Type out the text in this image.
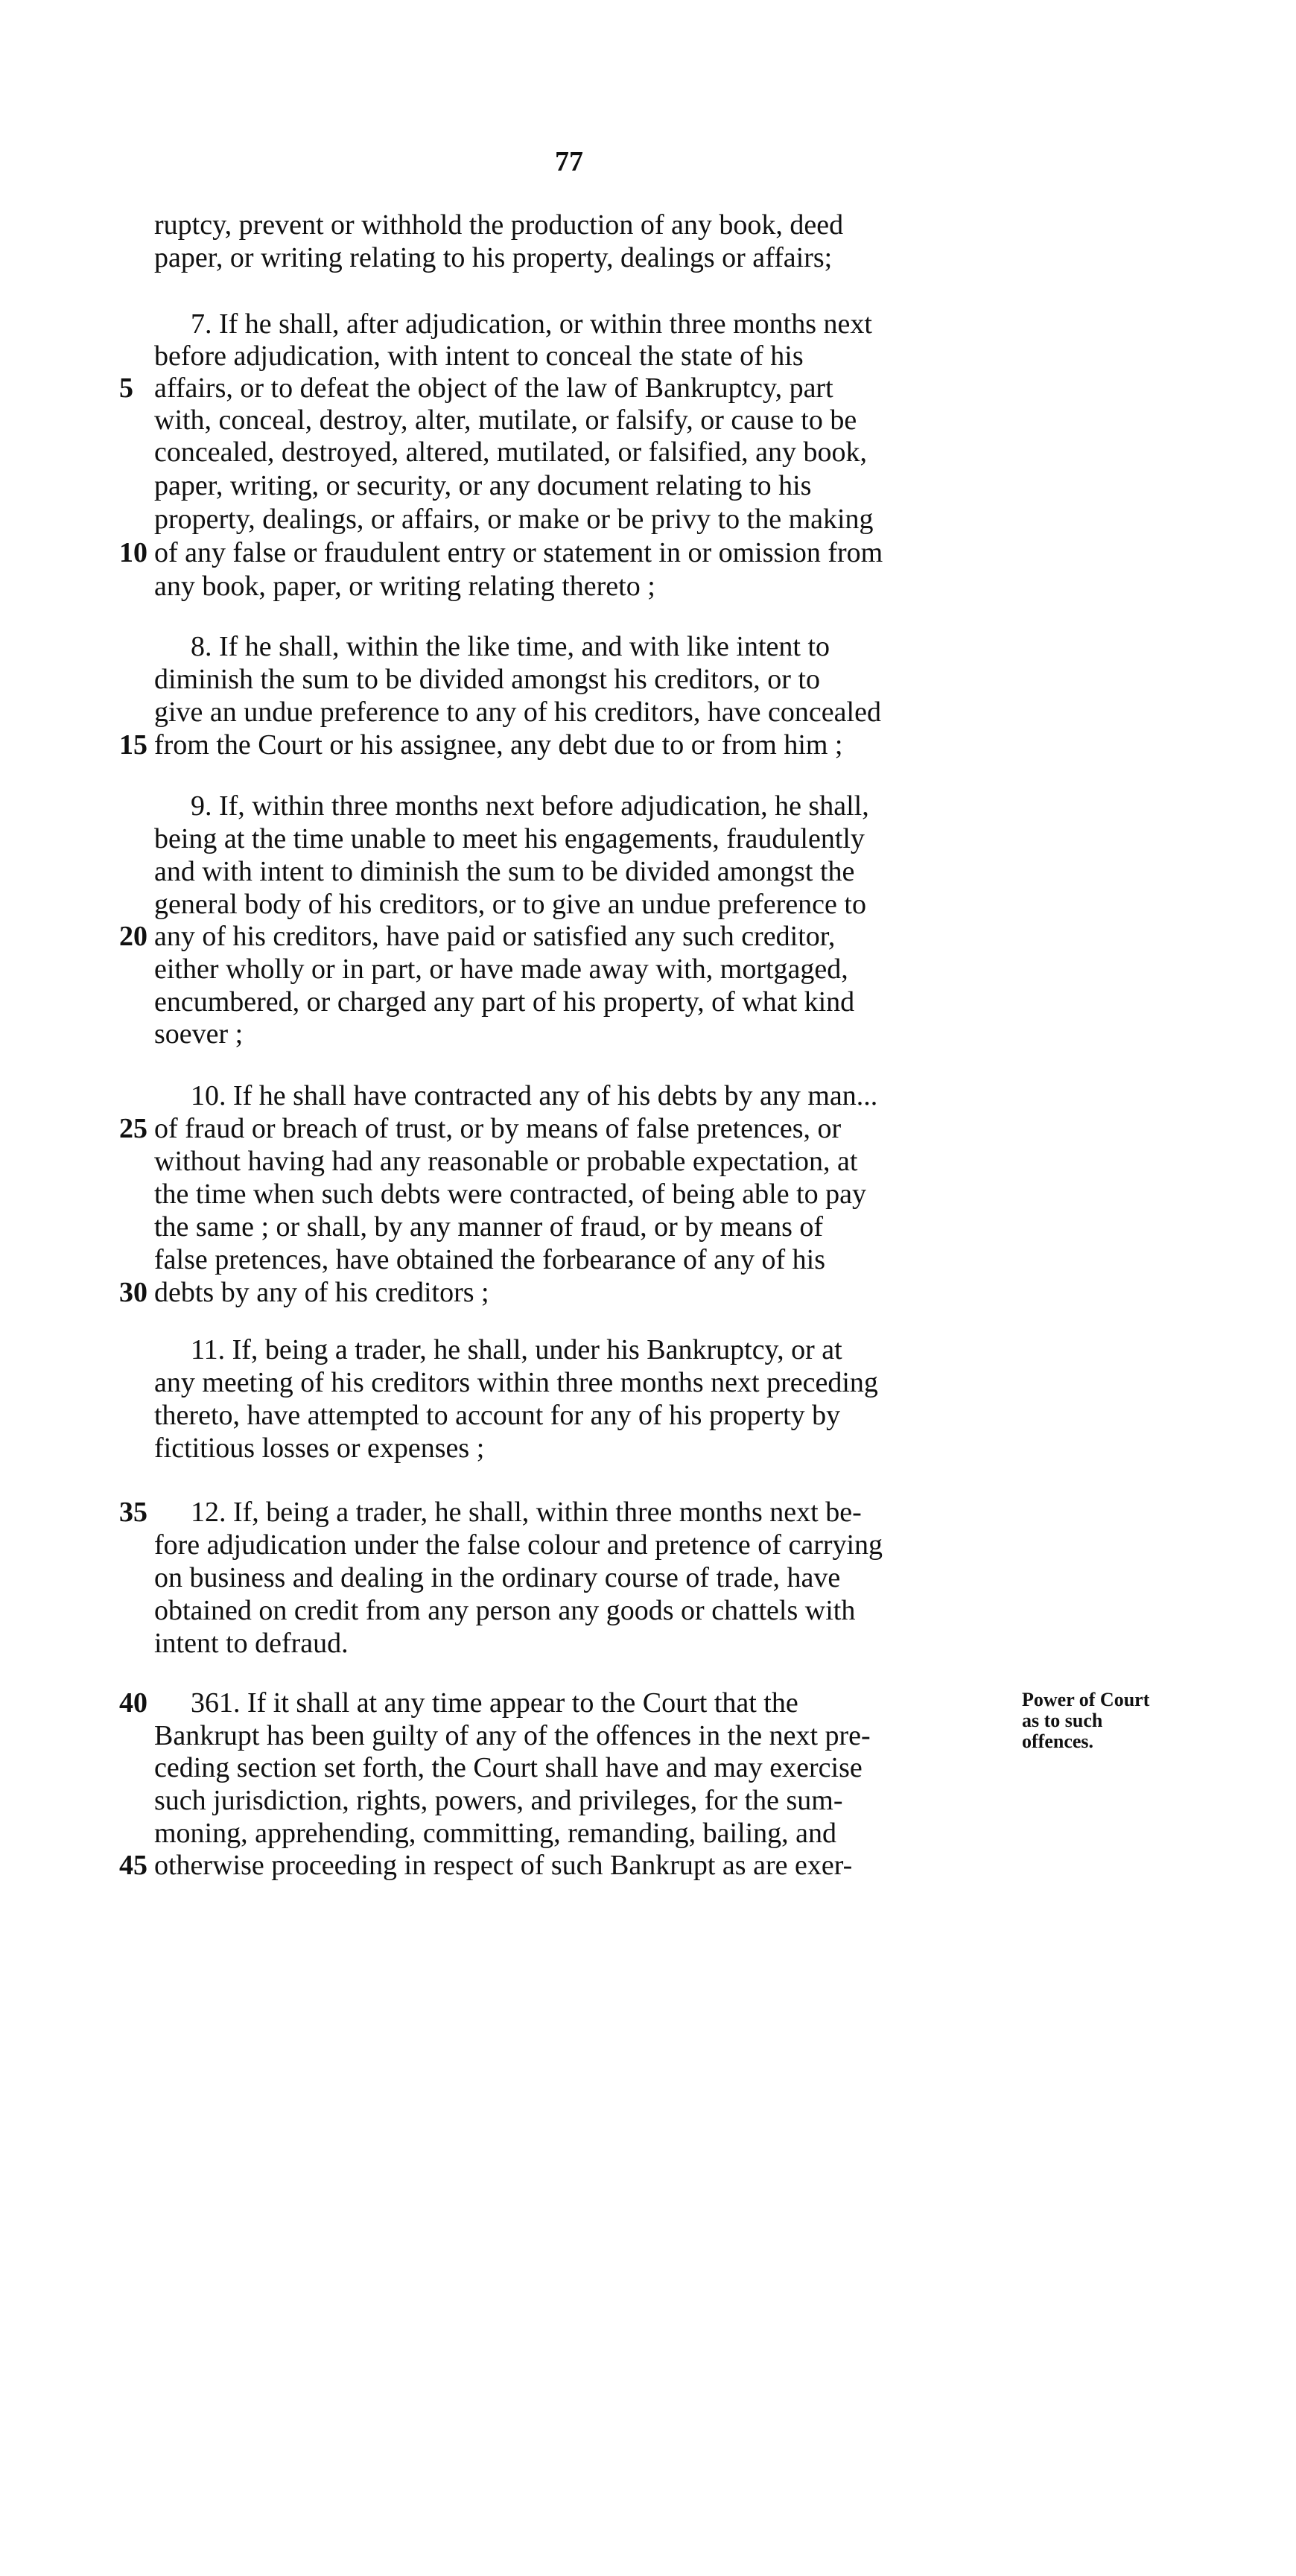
77
5
10
15
20
25
30
35
40
45
Power of Court
as to such
offences.
ruptcy, prevent or withhold the production of any book, deed
paper, or writing relating to his property, dealings or affairs;
7. If he shall, after adjudication, or within three months next
before adjudication, with intent to conceal the state of his
affairs, or to defeat the object of the law of Bankruptcy, part
with, conceal, destroy, alter, mutilate, or falsify, or cause to be
concealed, destroyed, altered, mutilated, or falsified, any book,
paper, writing, or security, or any document relating to his
property, dealings, or affairs, or make or be privy to the making
of any false or fraudulent entry or statement in or omission from
any book, paper, or writing relating thereto ;
8. If he shall, within the like time, and with like intent to
diminish the sum to be divided amongst his creditors, or to
give an undue preference to any of his creditors, have concealed
from the Court or his assignee, any debt due to or from him ;
9. If, within three months next before adjudication, he shall,
being at the time unable to meet his engagements, fraudulently
and with intent to diminish the sum to be divided amongst the
general body of his creditors, or to give an undue preference to
any of his creditors, have paid or satisfied any such creditor,
either wholly or in part, or have made away with, mortgaged,
encumbered, or charged any part of his property, of what kind
soever ;
10. If he shall have contracted any of his debts by any man...
of fraud or breach of trust, or by means of false pretences, or
without having had any reasonable or probable expectation, at
the time when such debts were contracted, of being able to pay
the same ; or shall, by any manner of fraud, or by means of
false pretences, have obtained the forbearance of any of his
debts by any of his creditors ;
11. If, being a trader, he shall, under his Bankruptcy, or at
any meeting of his creditors within three months next preceding
thereto, have attempted to account for any of his property by
fictitious losses or expenses ;
12. If, being a trader, he shall, within three months next be-
fore adjudication under the false colour and pretence of carrying
on business and dealing in the ordinary course of trade, have
obtained on credit from any person any goods or chattels with
intent to defraud.
361. If it shall at any time appear to the Court that the
Bankrupt has been guilty of any of the offences in the next pre-
ceding section set forth, the Court shall have and may exercise
such jurisdiction, rights, powers, and privileges, for the sum-
moning, apprehending, committing, remanding, bailing, and
otherwise proceeding in respect of such Bankrupt as are exer-
